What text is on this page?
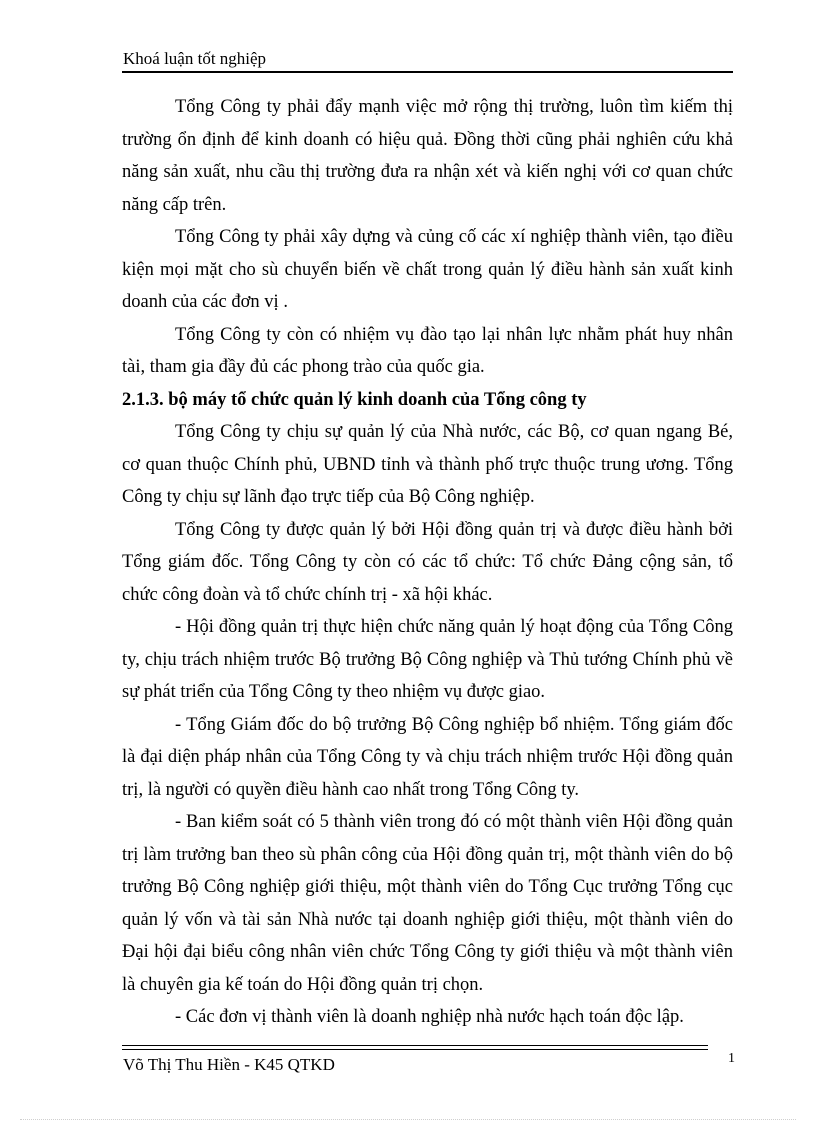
Khoá luận tốt nghiệp

Tổng Công ty phải đẩy mạnh việc mở rộng thị trường, luôn tìm kiếm thị trường ổn định để kinh doanh có hiệu quả. Đồng thời cũng phải nghiên cứu khả năng sản xuất, nhu cầu thị trường đưa ra nhận xét và kiến nghị với cơ quan chức năng cấp trên.

Tổng Công ty phải xây dựng và củng cố các xí nghiệp thành viên, tạo điều kiện mọi mặt cho sù chuyển biến về chất trong quản lý điều hành sản xuất kinh doanh của các đơn vị .

Tổng Công ty còn có nhiệm vụ đào tạo lại nhân lực nhằm phát huy nhân tài, tham gia đầy đủ các phong trào của quốc gia.

2.1.3. bộ máy tổ chức quản lý kinh doanh của Tổng công ty

Tổng Công ty chịu sự quản lý của Nhà nước, các Bộ, cơ quan ngang Bé, cơ quan thuộc Chính phủ, UBND tỉnh và thành phố trực thuộc trung ương. Tổng Công ty chịu sự lãnh đạo trực tiếp của Bộ Công nghiệp.

Tổng Công ty được quản lý bởi Hội đồng quản trị và được điều hành bởi Tổng giám đốc. Tổng Công ty còn có các tổ chức: Tổ chức Đảng cộng sản, tổ chức công đoàn và tổ chức chính trị - xã hội khác.

- Hội đồng quản trị thực hiện chức năng quản lý hoạt động của Tổng Công ty, chịu trách nhiệm trước Bộ trưởng Bộ Công nghiệp và Thủ tướng Chính phủ về sự phát triển của Tổng Công ty theo nhiệm vụ được giao.

- Tổng Giám đốc do bộ trưởng Bộ Công nghiệp bổ nhiệm. Tổng giám đốc là đại diện pháp nhân của Tổng Công ty và chịu trách nhiệm trước Hội đồng quản trị, là người có quyền điều hành cao nhất trong Tổng Công ty.

- Ban kiểm soát có 5 thành viên trong đó có một thành viên Hội đồng quản trị làm trưởng ban theo sù phân công của Hội đồng quản trị, một thành viên do bộ trưởng Bộ Công nghiệp giới thiệu, một thành viên do Tổng Cục trưởng Tổng cục quản lý vốn và tài sản Nhà nước tại doanh nghiệp giới thiệu, một thành viên do Đại hội đại biểu công nhân viên chức Tổng Công ty giới thiệu và một thành viên là chuyên gia kế toán do Hội đồng quản trị chọn.

- Các đơn vị thành viên là doanh nghiệp nhà nước hạch toán độc lập.

Võ Thị Thu Hiền - K45 QTKD	1
